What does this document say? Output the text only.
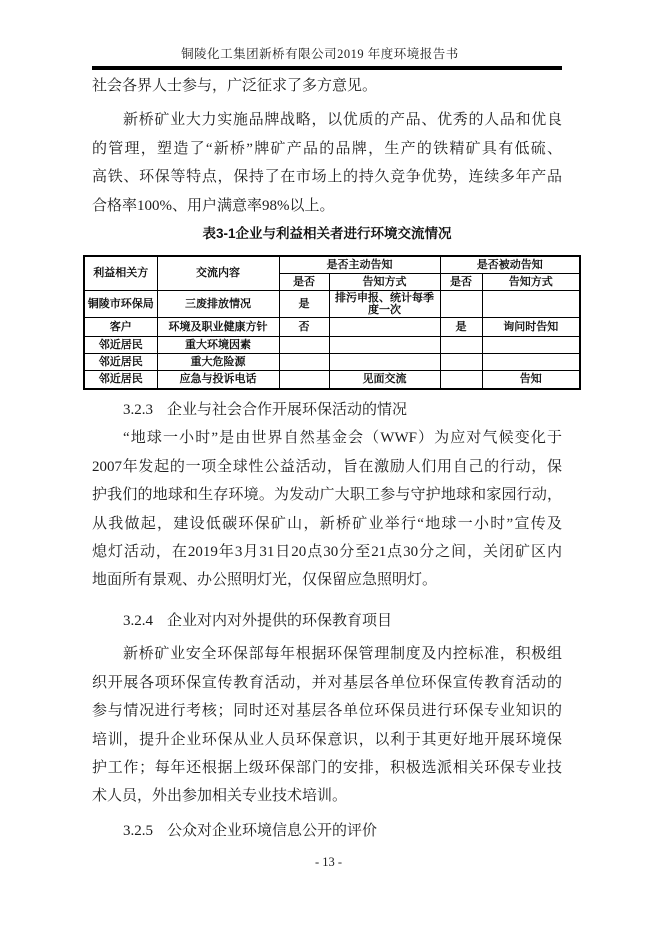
铜陵化工集团新桥有限公司2019 年度环境报告书
社会各界人士参与，广泛征求了多方意见。
新桥矿业大力实施品牌战略，以优质的产品、优秀的人品和优良
的管理，塑造了“新桥”牌矿产品的品牌，生产的铁精矿具有低硫、
高铁、环保等特点，保持了在市场上的持久竞争优势，连续多年产品
合格率100%、用户满意率98%以上。
表3-1企业与利益相关者进行环境交流情况
利益相关方	交流内容	是否主动告知		是否被动告知	
		是否	告知方式	是否	告知方式
铜陵市环保局	三废排放情况	是	排污申报、统计每季度一次		
客户	环境及职业健康方针	否		是	询问时告知
邻近居民	重大环境因素				
邻近居民	重大危险源				
邻近居民	应急与投诉电话		见面交流		告知
3.2.3 企业与社会合作开展环保活动的情况
“地球一小时”是由世界自然基金会（WWF）为应对气候变化于
2007年发起的一项全球性公益活动，旨在激励人们用自己的行动，保
护我们的地球和生存环境。为发动广大职工参与守护地球和家园行动，
从我做起，建设低碳环保矿山，新桥矿业举行“地球一小时”宣传及
熄灯活动，在2019年3月31日20点30分至21点30分之间，关闭矿区内
地面所有景观、办公照明灯光，仅保留应急照明灯。
3.2.4 企业对内对外提供的环保教育项目
新桥矿业安全环保部每年根据环保管理制度及内控标准，积极组
织开展各项环保宣传教育活动，并对基层各单位环保宣传教育活动的
参与情况进行考核；同时还对基层各单位环保员进行环保专业知识的
培训，提升企业环保从业人员环保意识，以利于其更好地开展环境保
护工作；每年还根据上级环保部门的安排，积极选派相关环保专业技
术人员，外出参加相关专业技术培训。
3.2.5 公众对企业环境信息公开的评价
- 13 -
